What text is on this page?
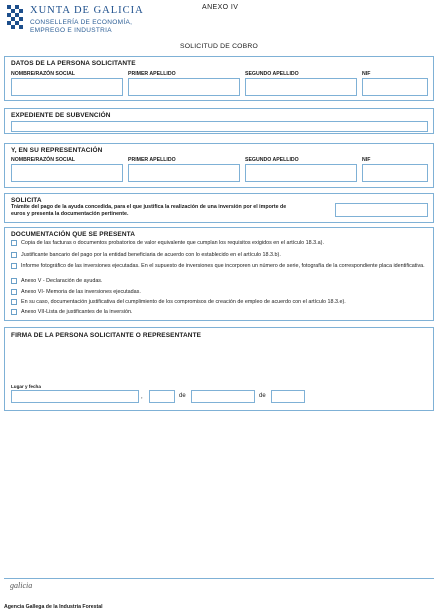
XUNTA DE GALICIA
CONSELLERÍA DE ECONOMÍA,
EMPREGO E INDUSTRIA
ANEXO IV
SOLICITUD DE COBRO
DATOS DE LA PERSONA SOLICITANTE
NOMBRE/RAZÓN SOCIAL	PRIMER APELLIDO	SEGUNDO APELLIDO	NIF
EXPEDIENTE DE SUBVENCIÓN
Y, EN SU REPRESENTACIÓN
NOMBRE/RAZÓN SOCIAL	PRIMER APELLIDO	SEGUNDO APELLIDO	NIF
SOLICITA
Trámite del pago de la ayuda concedida, para el que justifica la realización de una inversión por el importe de
euros y presenta la documentación pertinente.
DOCUMENTACIÓN QUE SE PRESENTA
Copia de las facturas o documentos probatorios de valor equivalente que cumplan los requisitos exigidos en el artículo 18.3.a).
Justificante bancario del pago por la entidad beneficiaria de acuerdo con lo establecido en el artículo 18.3.b).
Informe fotográfico de las inversiones ejecutadas. En el supuesto de inversiones que incorporen un número de serie, fotografía de la correspondiente placa identificativa.
Anexo V - Declaración de ayudas.
Anexo VI- Memoria de las inversiones ejecutadas.
En su caso, documentación justificativa del cumplimiento de los compromisos de creación de empleo de acuerdo con el artículo 18.3.e).
Anexo VII-Lista de justificantes de la inversión.
FIRMA DE LA PERSONA SOLICITANTE O REPRESENTANTE
Lugar y fecha
,	de	de
galicia
Agencia Gallega de la Industria Forestal
